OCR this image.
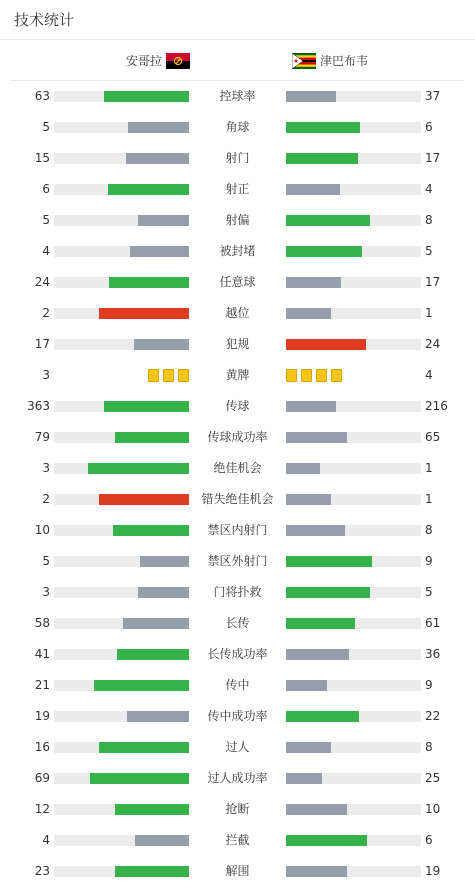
技术统计
安哥拉	津巴布韦
63	控球率	37
5	角球	6
15	射门	17
6	射正	4
5	射偏	8
4	被封堵	5
24	任意球	17
2	越位	1
17	犯规	24
3	黄牌	4
363	传球	216
79	传球成功率	65
3	绝佳机会	1
2	错失绝佳机会	1
10	禁区内射门	8
5	禁区外射门	9
3	门将扑救	5
58	长传	61
41	长传成功率	36
21	传中	9
19	传中成功率	22
16	过人	8
69	过人成功率	25
12	抢断	10
4	拦截	6
23	解围	19
